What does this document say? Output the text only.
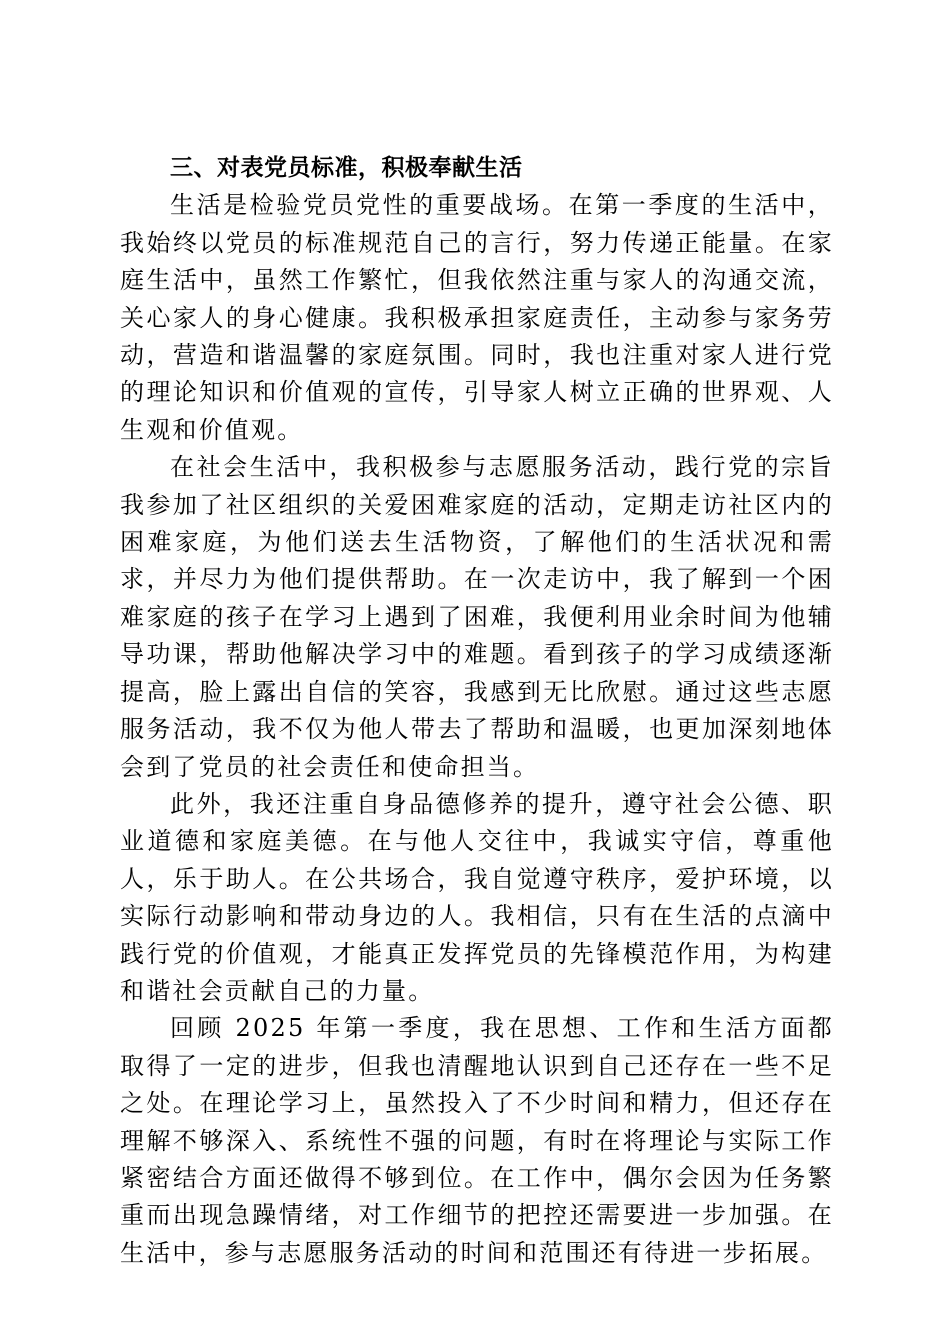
三、对表党员标准，积极奉献生活

生活是检验党员党性的重要战场。在第一季度的生活中，我始终以党员的标准规范自己的言行，努力传递正能量。在家庭生活中，虽然工作繁忙，但我依然注重与家人的沟通交流，关心家人的身心健康。我积极承担家庭责任，主动参与家务劳动，营造和谐温馨的家庭氛围。同时，我也注重对家人进行党的理论知识和价值观的宣传，引导家人树立正确的世界观、人生观和价值观。

在社会生活中，我积极参与志愿服务活动，践行党的宗旨我参加了社区组织的关爱困难家庭的活动，定期走访社区内的困难家庭，为他们送去生活物资，了解他们的生活状况和需求，并尽力为他们提供帮助。在一次走访中，我了解到一个困难家庭的孩子在学习上遇到了困难，我便利用业余时间为他辅导功课，帮助他解决学习中的难题。看到孩子的学习成绩逐渐提高，脸上露出自信的笑容，我感到无比欣慰。通过这些志愿服务活动，我不仅为他人带去了帮助和温暖，也更加深刻地体会到了党员的社会责任和使命担当。

此外，我还注重自身品德修养的提升，遵守社会公德、职业道德和家庭美德。在与他人交往中，我诚实守信，尊重他人，乐于助人。在公共场合，我自觉遵守秩序，爱护环境，以实际行动影响和带动身边的人。我相信，只有在生活的点滴中践行党的价值观，才能真正发挥党员的先锋模范作用，为构建和谐社会贡献自己的力量。

回顾 2025 年第一季度，我在思想、工作和生活方面都取得了一定的进步，但我也清醒地认识到自己还存在一些不足之处。在理论学习上，虽然投入了不少时间和精力，但还存在理解不够深入、系统性不强的问题，有时在将理论与实际工作紧密结合方面还做得不够到位。在工作中，偶尔会因为任务繁重而出现急躁情绪，对工作细节的把控还需要进一步加强。在生活中，参与志愿服务活动的时间和范围还有待进一步拓展。
